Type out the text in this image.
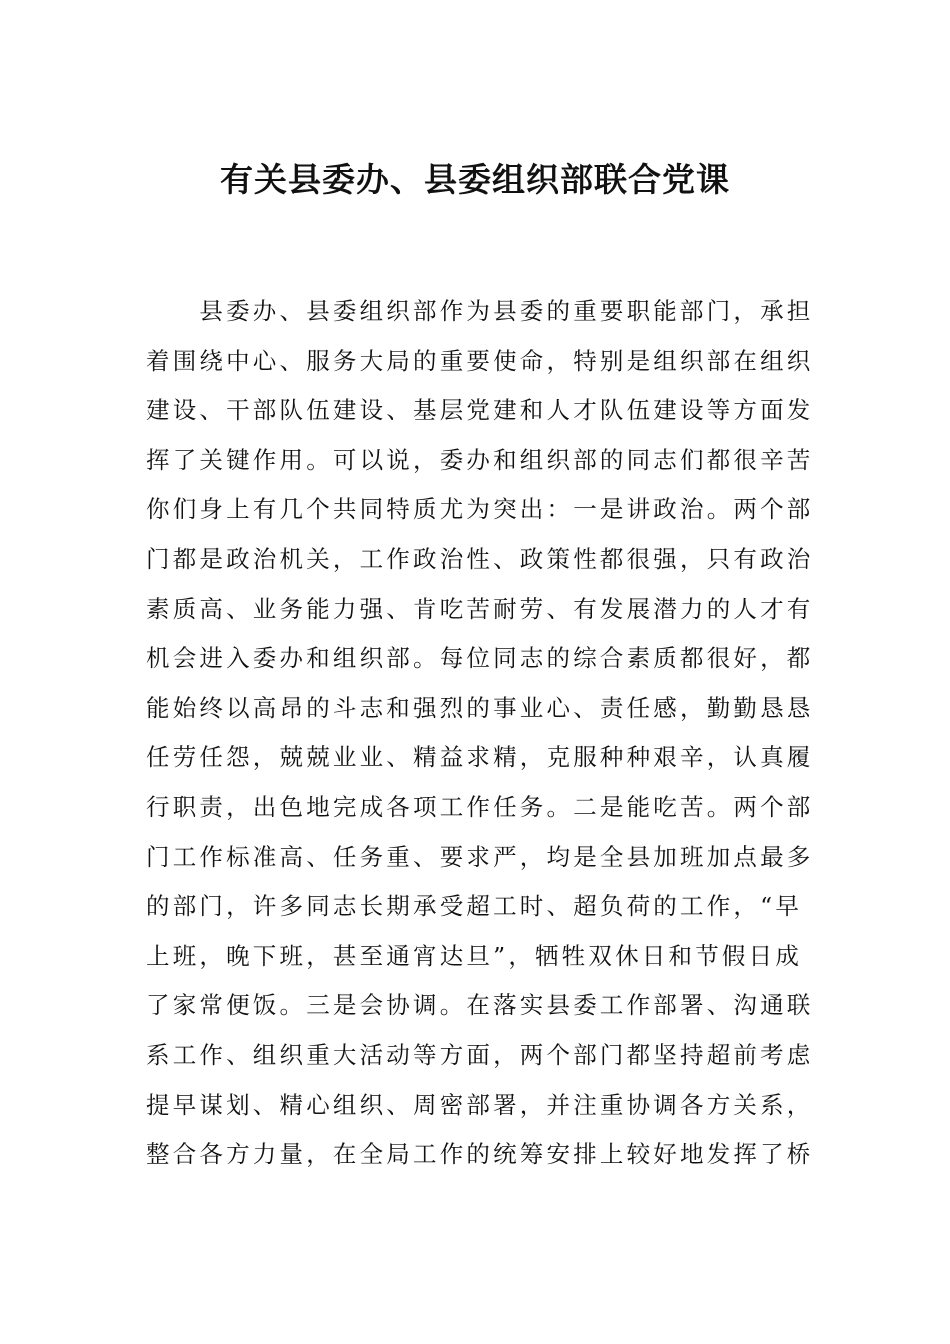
有关县委办、县委组织部联合党课
　　县委办、县委组织部作为县委的重要职能部门，承担
着围绕中心、服务大局的重要使命，特别是组织部在组织
建设、干部队伍建设、基层党建和人才队伍建设等方面发
挥了关键作用。可以说，委办和组织部的同志们都很辛苦
你们身上有几个共同特质尤为突出：一是讲政治。两个部
门都是政治机关，工作政治性、政策性都很强，只有政治
素质高、业务能力强、肯吃苦耐劳、有发展潜力的人才有
机会进入委办和组织部。每位同志的综合素质都很好，都
能始终以高昂的斗志和强烈的事业心、责任感，勤勤恳恳
任劳任怨，兢兢业业、精益求精，克服种种艰辛，认真履
行职责，出色地完成各项工作任务。二是能吃苦。两个部
门工作标准高、任务重、要求严，均是全县加班加点最多
的部门，许多同志长期承受超工时、超负荷的工作，“早
上班，晚下班，甚至通宵达旦”，牺牲双休日和节假日成
了家常便饭。三是会协调。在落实县委工作部署、沟通联
系工作、组织重大活动等方面，两个部门都坚持超前考虑
提早谋划、精心组织、周密部署，并注重协调各方关系，
整合各方力量，在全局工作的统筹安排上较好地发挥了桥
